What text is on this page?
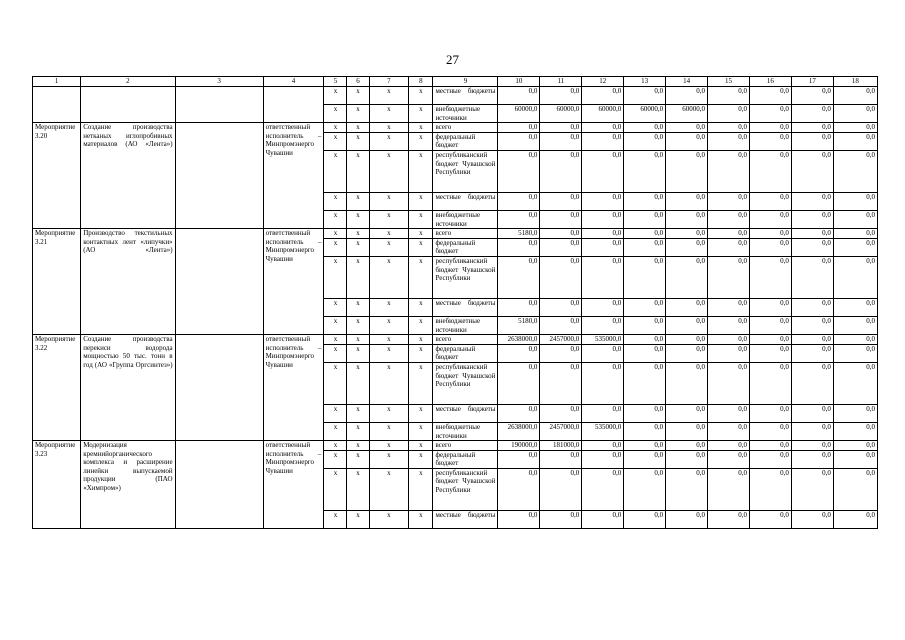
27
1	2	3	4	5	6	7	8	9	10	11	12	13	14	15	16	17	18
				х	х	х	х	местные бюджеты	0,0	0,0	0,0	0,0	0,0	0,0	0,0	0,0	0,0
				х	х	х	х	внебюджетные источники	60000,0	60000,0	60000,0	60000,0	60000,0	0,0	0,0	0,0	0,0
Мероприятие 3.20	Создание производства нетканых иглопробивных материалов (АО «Лента»)		ответственный исполнитель – Минпромэнерго Чувашии	х	х	х	х	всего	0,0	0,0	0,0	0,0	0,0	0,0	0,0	0,0	0,0
				х	х	х	х	федеральный бюджет	0,0	0,0	0,0	0,0	0,0	0,0	0,0	0,0	0,0
				х	х	х	х	республиканский бюджет Чувашской Республики	0,0	0,0	0,0	0,0	0,0	0,0	0,0	0,0	0,0
				х	х	х	х	местные бюджеты	0,0	0,0	0,0	0,0	0,0	0,0	0,0	0,0	0,0
				х	х	х	х	внебюджетные источники	0,0	0,0	0,0	0,0	0,0	0,0	0,0	0,0	0,0
Мероприятие 3.21	Производство текстильных контактных лент «липучки» (АО «Лента»)		ответственный исполнитель – Минпромэнерго Чувашии	х	х	х	х	всего	5180,0	0,0	0,0	0,0	0,0	0,0	0,0	0,0	0,0
				х	х	х	х	федеральный бюджет	0,0	0,0	0,0	0,0	0,0	0,0	0,0	0,0	0,0
				х	х	х	х	республиканский бюджет Чувашской Республики	0,0	0,0	0,0	0,0	0,0	0,0	0,0	0,0	0,0
				х	х	х	х	местные бюджеты	0,0	0,0	0,0	0,0	0,0	0,0	0,0	0,0	0,0
				х	х	х	х	внебюджетные источники	5180,0	0,0	0,0	0,0	0,0	0,0	0,0	0,0	0,0
Мероприятие 3.22	Создание производства перекиси водорода мощностью 50 тыс. тонн в год (АО «Группа Оргсинтез»)		ответственный исполнитель – Минпромэнерго Чувашии	х	х	х	х	всего	2638000,0	2457000,0	535000,0	0,0	0,0	0,0	0,0	0,0	0,0
				х	х	х	х	федеральный бюджет	0,0	0,0	0,0	0,0	0,0	0,0	0,0	0,0	0,0
				х	х	х	х	республиканский бюджет Чувашской Республики	0,0	0,0	0,0	0,0	0,0	0,0	0,0	0,0	0,0
				х	х	х	х	местные бюджеты	0,0	0,0	0,0	0,0	0,0	0,0	0,0	0,0	0,0
				х	х	х	х	внебюджетные источники	2638000,0	2457000,0	535000,0	0,0	0,0	0,0	0,0	0,0	0,0
Мероприятие 3.23	Модернизация кремнийорганического комплекса и расширение линейки выпускаемой продукции (ПАО «Химпром»)		ответственный исполнитель – Минпромэнерго Чувашии	х	х	х	х	всего	190000,0	181000,0	0,0	0,0	0,0	0,0	0,0	0,0	0,0
				х	х	х	х	федеральный бюджет	0,0	0,0	0,0	0,0	0,0	0,0	0,0	0,0	0,0
				х	х	х	х	республиканский бюджет Чувашской Республики	0,0	0,0	0,0	0,0	0,0	0,0	0,0	0,0	0,0
				х	х	х	х	местные бюджеты	0,0	0,0	0,0	0,0	0,0	0,0	0,0	0,0	0,0
